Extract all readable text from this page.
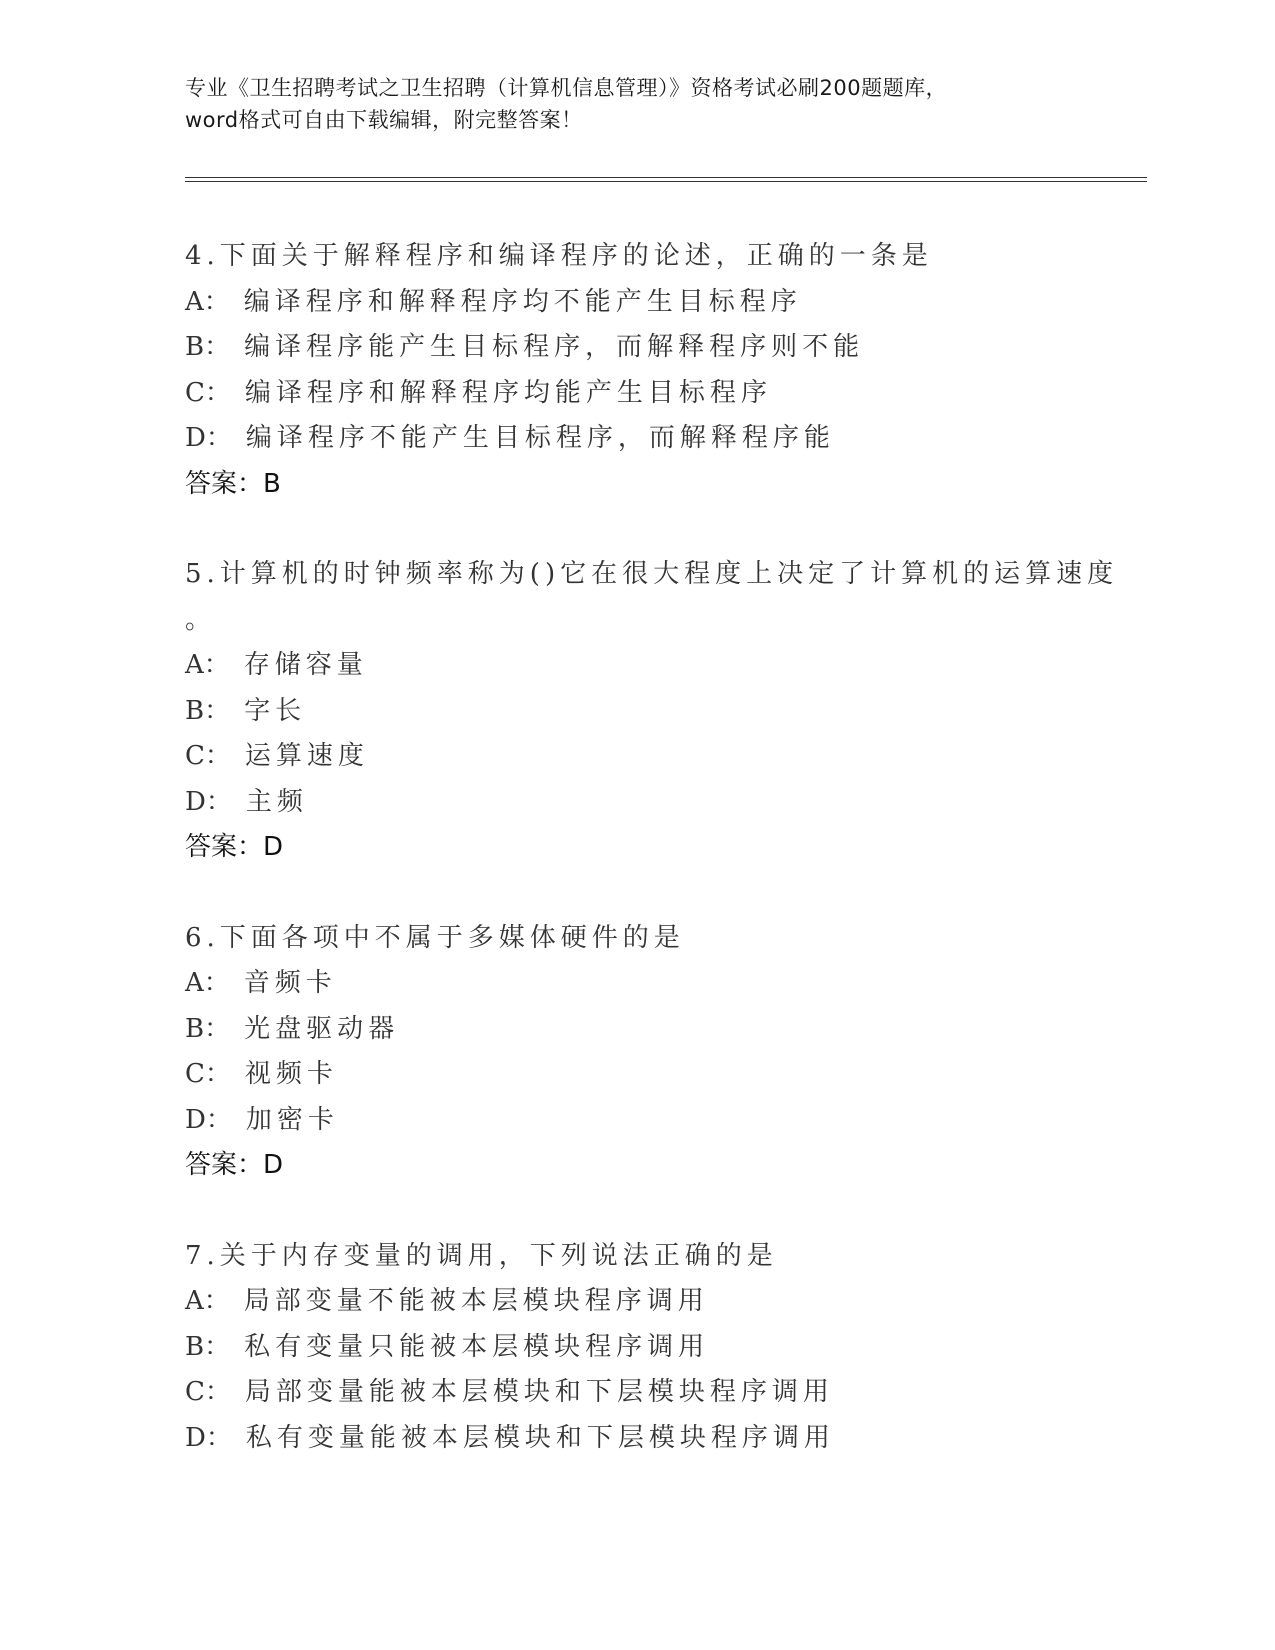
专业《卫生招聘考试之卫生招聘（计算机信息管理）》资格考试必刷200题题库，
word格式可自由下载编辑，附完整答案！
4.下面关于解释程序和编译程序的论述，正确的一条是
A： 编译程序和解释程序均不能产生目标程序
B： 编译程序能产生目标程序，而解释程序则不能
C： 编译程序和解释程序均能产生目标程序
D： 编译程序不能产生目标程序，而解释程序能
答案：B
5.计算机的时钟频率称为()它在很大程度上决定了计算机的运算速度
。
A： 存储容量
B： 字长
C： 运算速度
D： 主频
答案：D
6.下面各项中不属于多媒体硬件的是
A： 音频卡
B： 光盘驱动器
C： 视频卡
D： 加密卡
答案：D
7.关于内存变量的调用，下列说法正确的是
A： 局部变量不能被本层模块程序调用
B： 私有变量只能被本层模块程序调用
C： 局部变量能被本层模块和下层模块程序调用
D： 私有变量能被本层模块和下层模块程序调用
